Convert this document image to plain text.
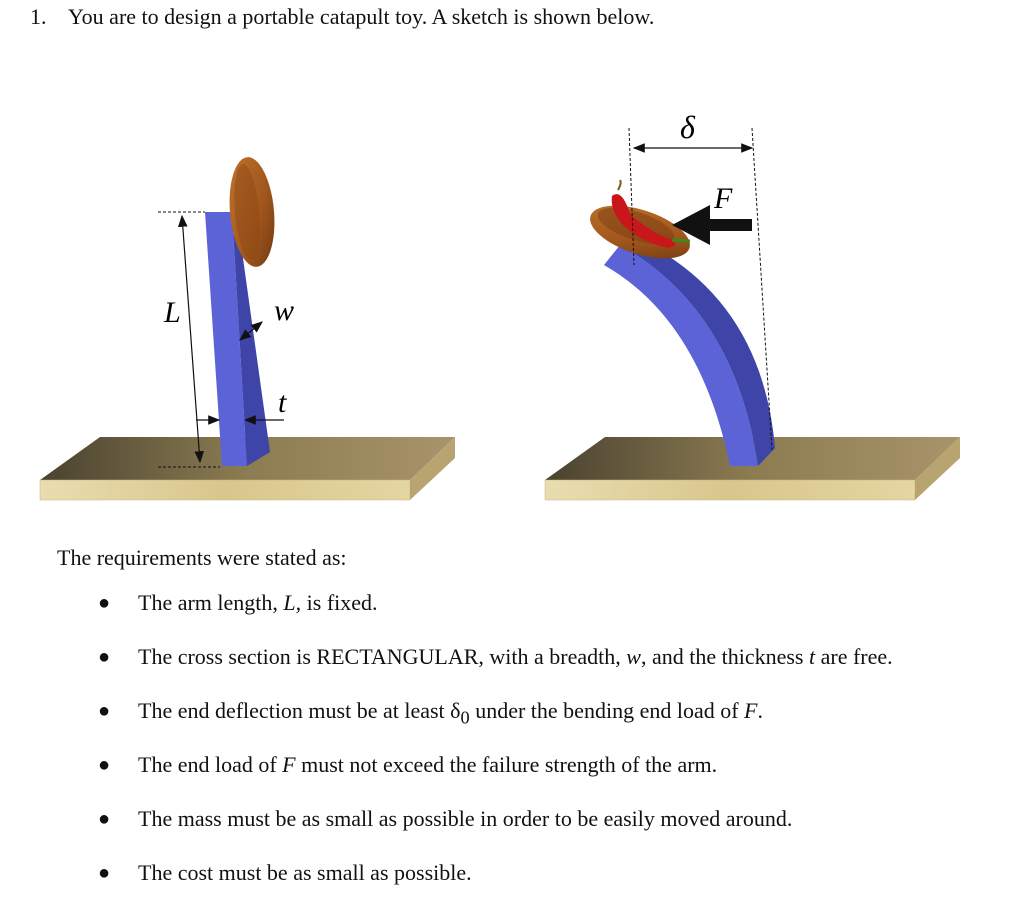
1. You are to design a portable catapult toy. A sketch is shown below.
L	w
t
δ
F
The requirements were stated as:
● The arm length, L, is fixed.
● The cross section is RECTANGULAR, with a breadth, w, and the thickness t are free.
● The end deflection must be at least $\delta_0$ under the bending end load of F.
● The end load of F must not exceed the failure strength of the arm.
● The mass must be as small as possible in order to be easily moved around.
● The cost must be as small as possible.
